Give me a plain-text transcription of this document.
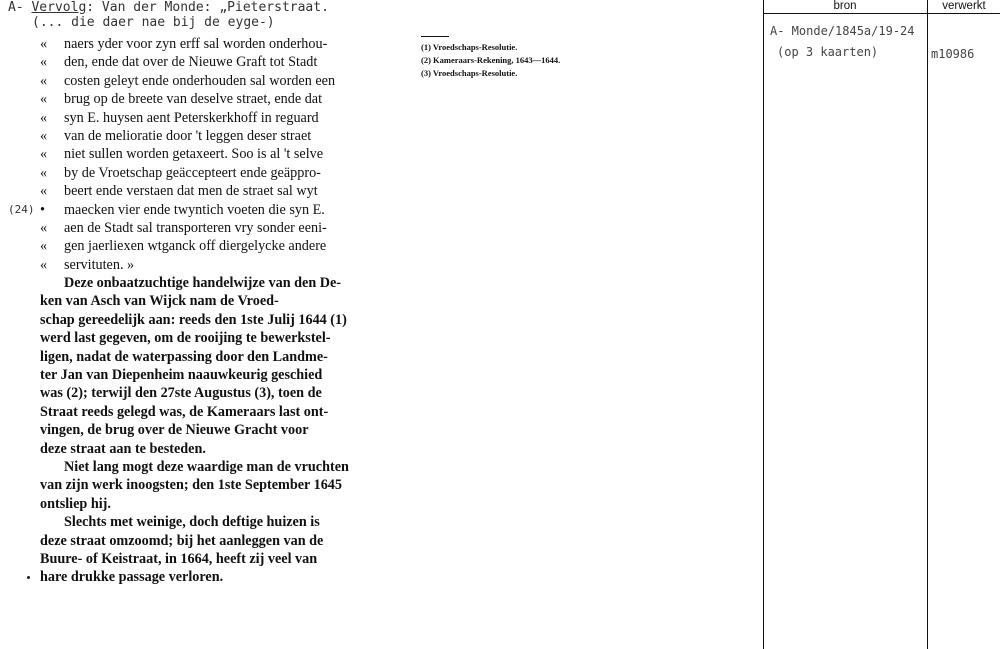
A- Vervolg: Van der Monde: „Pieterstraat.
(... die daer nae bij de eyge-)
« naers yder voor zyn erff sal worden onderhou-
« den, ende dat over de Nieuwe Graft tot Stadt
« costen geleyt ende onderhouden sal worden een
« brug op de breete van deselve straet, ende dat
« syn E. huysen aent Peterskerkhoff in reguard
« van de melioratie door 't leggen deser straet
« niet sullen worden getaxeert. Soo is al 't selve
« by de Vroetschap geäccepteert ende geäppro-
« beert ende verstaen dat men de straet sal wyt
• maecken vier ende twyntich voeten die syn E.
(24)
« aen de Stadt sal transporteren vry sonder eeni-
« gen jaerliexen wtganck off diergelycke andere
« servituten. »
Deze onbaatzuchtige handelwijze van den De-
ken van Asch van Wijck nam de Vroed-
schap gereedelijk aan: reeds den 1ste Julij 1644 (1)
werd last gegeven, om de rooijing te bewerkstel-
ligen, nadat de waterpassing door den Landme-
ter Jan van Diepenheim naauwkeurig geschied
was (2); terwijl den 27ste Augustus (3), toen de
Straat reeds gelegd was, de Kameraars last ont-
vingen, de brug over de Nieuwe Gracht voor
deze straat aan te besteden.
Niet lang mogt deze waardige man de vruchten
van zijn werk inoogsten; den 1ste September 1645
ontsliep hij.
Slechts met weinige, doch deftige huizen is
deze straat omzoomd; bij het aanleggen van de
Buure- of Keistraat, in 1664, heeft zij veel van
hare drukke passage verloren.
(1) Vroedschaps-Resolutie.
(2) Kameraars-Rekening, 1643—1644.
(3) Vroedschaps-Resolutie.
bron	verwerkt
A- Monde/1845a/19-24
(op 3 kaarten)	m10986
